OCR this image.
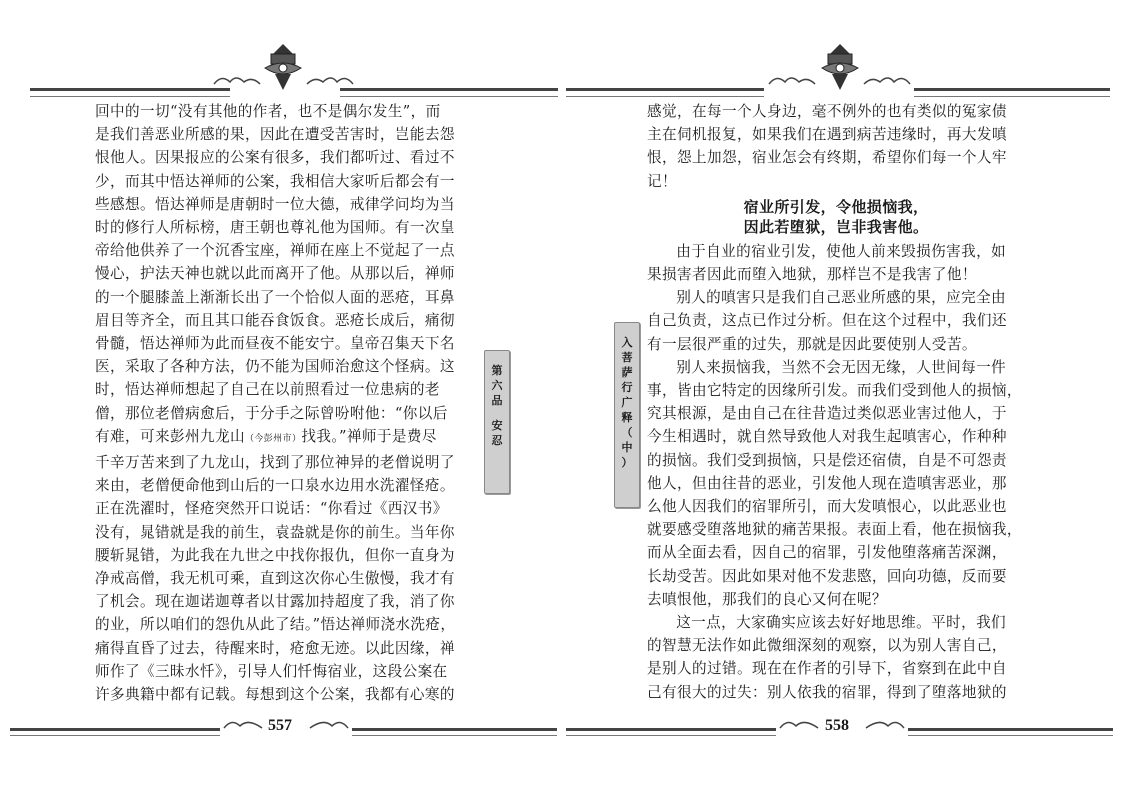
回中的一切“没有其他的作者，也不是偶尔发生”，而

是我们善恶业所感的果，因此在遭受苦害时，岂能去怨

恨他人。因果报应的公案有很多，我们都听过、看过不

少，而其中悟达禅师的公案，我相信大家听后都会有一

些感想。悟达禅师是唐朝时一位大德，戒律学问均为当

时的修行人所标榜，唐王朝也尊礼他为国师。有一次皇

帝给他供养了一个沉香宝座，禅师在座上不觉起了一点

慢心，护法天神也就以此而离开了他。从那以后，禅师

的一个腿膝盖上渐渐长出了一个恰似人面的恶疮，耳鼻

眉目等齐全，而且其口能吞食饭食。恶疮长成后，痛彻

骨髓，悟达禅师为此而昼夜不能安宁。皇帝召集天下名

医，采取了各种方法，仍不能为国师治愈这个怪病。这

时，悟达禅师想起了自己在以前照看过一位患病的老

僧，那位老僧病愈后，于分手之际曾吩咐他：“你以后

有难，可来彭州九龙山（今彭州市）找我。”禅师于是费尽

千辛万苦来到了九龙山，找到了那位神异的老僧说明了

来由，老僧便命他到山后的一口泉水边用水洗濯怪疮。

正在洗濯时，怪疮突然开口说话：“你看过《西汉书》

没有，晁错就是我的前生，袁盎就是你的前生。当年你

腰斩晁错，为此我在九世之中找你报仇，但你一直身为

净戒高僧，我无机可乘，直到这次你心生傲慢，我才有

了机会。现在迦诺迦尊者以甘露加持超度了我，消了你

的业，所以咱们的怨仇从此了结。”悟达禅师浇水洗疮，

痛得直昏了过去，待醒来时，疮愈无迹。以此因缘，禅

师作了《三昧水忏》，引导人们忏悔宿业，这段公案在

许多典籍中都有记载。每想到这个公案，我都有心寒的

第
六
品
安
忍
557
入
菩
萨
行
广
释
（
中
）

感觉，在每一个人身边，毫不例外的也有类似的冤家债

主在伺机报复，如果我们在遇到病苦违缘时，再大发嗔

恨，怨上加怨，宿业怎会有终期，希望你们每一个人牢

记！

宿业所引发，令他损恼我，

因此若堕狱，岂非我害他。

由于自业的宿业引发，使他人前来毁损伤害我，如

果损害者因此而堕入地狱，那样岂不是我害了他！

别人的嗔害只是我们自己恶业所感的果，应完全由

自己负责，这点已作过分析。但在这个过程中，我们还

有一层很严重的过失，那就是因此要使别人受苦。

别人来损恼我，当然不会无因无缘，人世间每一件

事，皆由它特定的因缘所引发。而我们受到他人的损恼，

究其根源，是由自己在往昔造过类似恶业害过他人，于

今生相遇时，就自然导致他人对我生起嗔害心，作种种

的损恼。我们受到损恼，只是偿还宿债，自是不可怨责

他人，但由往昔的恶业，引发他人现在造嗔害恶业，那

么他人因我们的宿罪所引，而大发嗔恨心，以此恶业也

就要感受堕落地狱的痛苦果报。表面上看，他在损恼我，

而从全面去看，因自己的宿罪，引发他堕落痛苦深渊，

长劫受苦。因此如果对他不发悲愍，回向功德，反而要

去嗔恨他，那我们的良心又何在呢？

这一点，大家确实应该去好好地思维。平时，我们

的智慧无法作如此微细深刻的观察，以为别人害自己，

是别人的过错。现在在作者的引导下，省察到在此中自

己有很大的过失：别人依我的宿罪，得到了堕落地狱的

558
